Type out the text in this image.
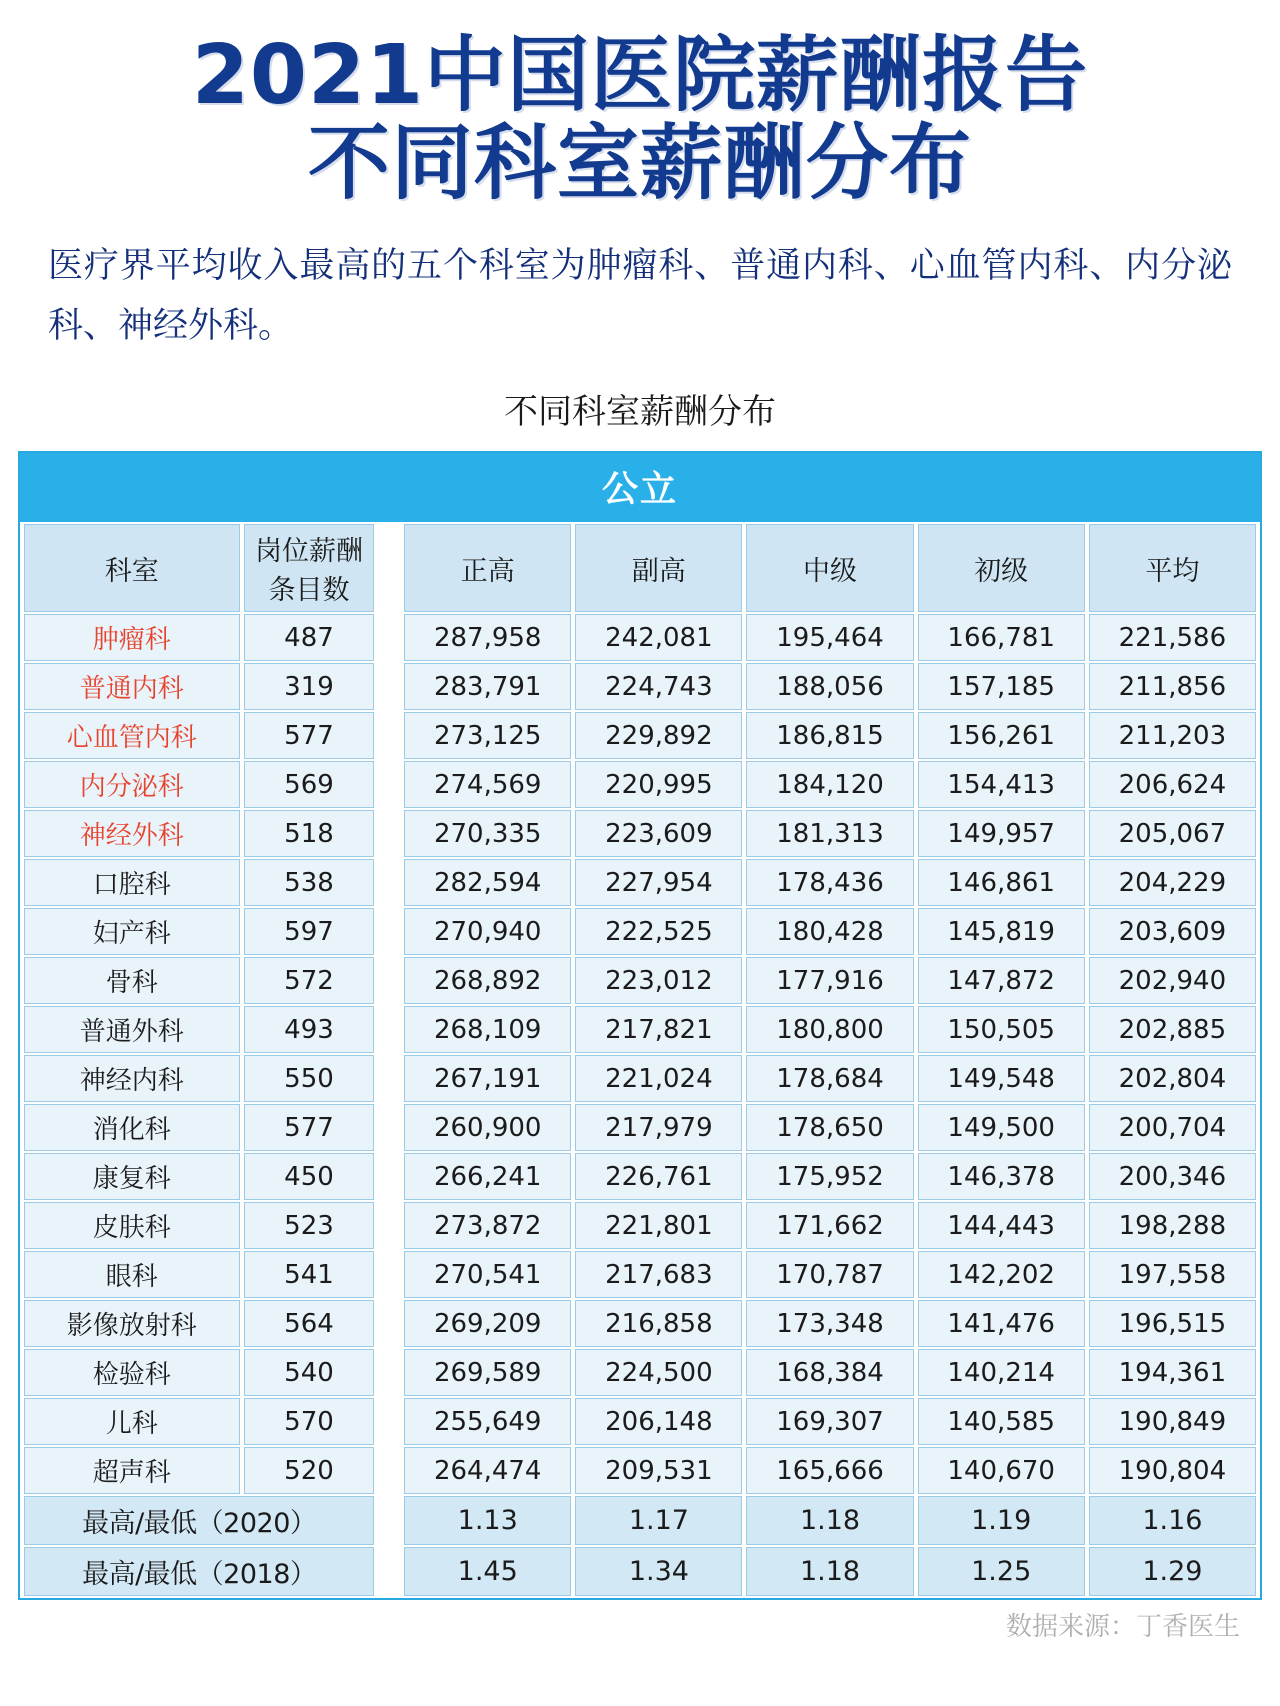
2021中国医院薪酬报告
不同科室薪酬分布
医疗界平均收入最高的五个科室为肿瘤科、普通内科、心血管内科、内分泌科、神经外科。
不同科室薪酬分布
公立
科室	岗位薪酬
条目数		正高	副高	中级	初级	平均
肿瘤科	487		287,958	242,081	195,464	166,781	221,586
普通内科	319		283,791	224,743	188,056	157,185	211,856
心血管内科	577		273,125	229,892	186,815	156,261	211,203
内分泌科	569		274,569	220,995	184,120	154,413	206,624
神经外科	518		270,335	223,609	181,313	149,957	205,067
口腔科	538		282,594	227,954	178,436	146,861	204,229
妇产科	597		270,940	222,525	180,428	145,819	203,609
骨科	572		268,892	223,012	177,916	147,872	202,940
普通外科	493		268,109	217,821	180,800	150,505	202,885
神经内科	550		267,191	221,024	178,684	149,548	202,804
消化科	577		260,900	217,979	178,650	149,500	200,704
康复科	450		266,241	226,761	175,952	146,378	200,346
皮肤科	523		273,872	221,801	171,662	144,443	198,288
眼科	541		270,541	217,683	170,787	142,202	197,558
影像放射科	564		269,209	216,858	173,348	141,476	196,515
检验科	540		269,589	224,500	168,384	140,214	194,361
儿科	570		255,649	206,148	169,307	140,585	190,849
超声科	520		264,474	209,531	165,666	140,670	190,804
最高/最低（2020）			1.13	1.17	1.18	1.19	1.16
最高/最低（2018）			1.45	1.34	1.18	1.25	1.29
数据来源：丁香医生
